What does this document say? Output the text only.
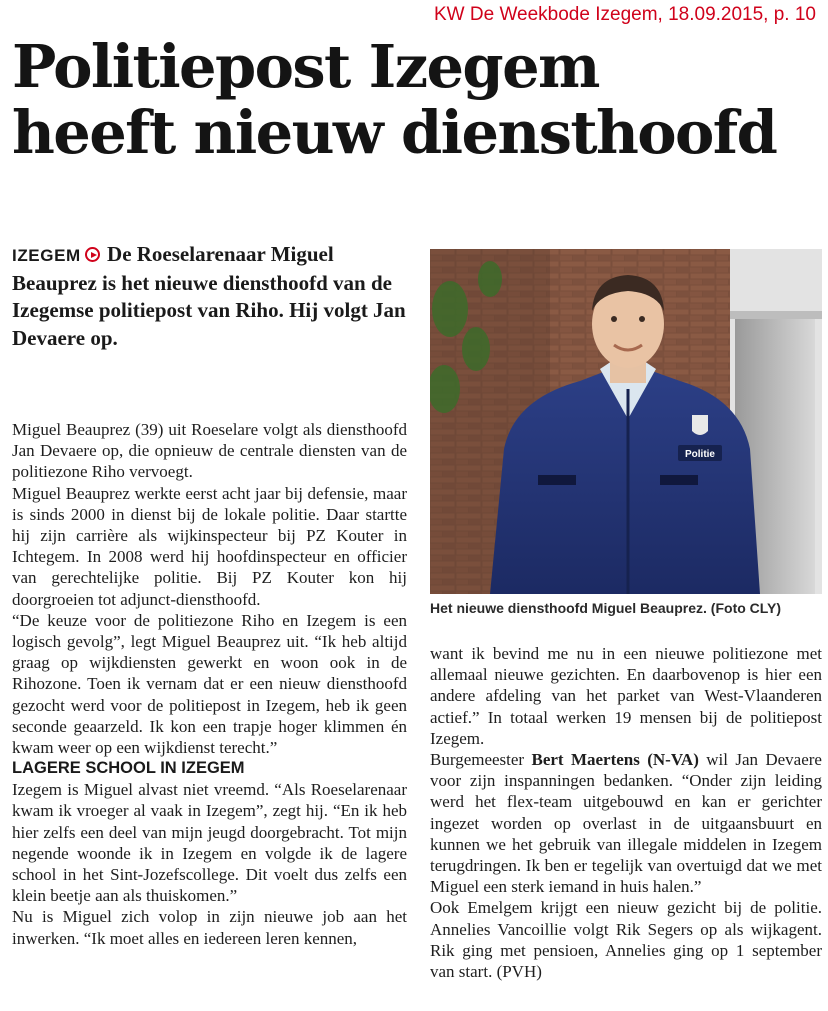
KW De Weekbode Izegem, 18.09.2015, p. 10
Politiepost Izegem
heeft nieuw diensthoofd

IZEGEM De Roeselarenaar Miguel Beauprez is het nieuwe diensthoofd van de Izegemse politiepost van Riho. Hij volgt Jan Devaere op.

Miguel Beauprez (39) uit Roeselare volgt als diensthoofd Jan Devaere op, die opnieuw de centrale diensten van de politiezone Riho vervoegt.

Miguel Beauprez werkte eerst acht jaar bij defensie, maar is sinds 2000 in dienst bij de lokale politie. Daar startte hij zijn carrière als wijkinspecteur bij PZ Kouter in Ichtegem. In 2008 werd hij hoofdinspecteur en officier van gerechtelijke politie. Bij PZ Kouter kon hij doorgroeien tot adjunct-diensthoofd.

“De keuze voor de politiezone Riho en Izegem is een logisch gevolg”, legt Miguel Beauprez uit. “Ik heb altijd graag op wijkdiensten gewerkt en woon ook in de Rihozone. Toen ik vernam dat er een nieuw diensthoofd gezocht werd voor de politiepost in Izegem, heb ik geen seconde geaarzeld. Ik kon een trapje hoger klimmen én kwam weer op een wijkdienst terecht.”

LAGERE SCHOOL IN IZEGEM

Izegem is Miguel alvast niet vreemd. “Als Roeselarenaar kwam ik vroeger al vaak in Izegem”, zegt hij. “En ik heb hier zelfs een deel van mijn jeugd doorgebracht. Tot mijn negende woonde ik in Izegem en volgde ik de lagere school in het Sint-Jozefscollege. Dit voelt dus zelfs een klein beetje aan als thuiskomen.”

Nu is Miguel zich volop in zijn nieuwe job aan het inwerken. “Ik moet alles en iedereen leren kennen,

Politie
Het nieuwe diensthoofd Miguel Beauprez. (Foto CLY)

want ik bevind me nu in een nieuwe politiezone met allemaal nieuwe gezichten. En daarbovenop is hier een andere afdeling van het parket van West-Vlaanderen actief.” In totaal werken 19 mensen bij de politiepost Izegem.

Burgemeester Bert Maertens (N-VA) wil Jan Devaere voor zijn inspanningen bedanken. “Onder zijn leiding werd het flex-team uitgebouwd en kan er gerichter ingezet worden op overlast in de uitgaansbuurt en kunnen we het gebruik van illegale middelen in Izegem terugdringen. Ik ben er tegelijk van overtuigd dat we met Miguel een sterk iemand in huis halen.”

Ook Emelgem krijgt een nieuw gezicht bij de politie. Annelies Vancoillie volgt Rik Segers op als wijkagent. Rik ging met pensioen, Annelies ging op 1 september van start. (PVH)
